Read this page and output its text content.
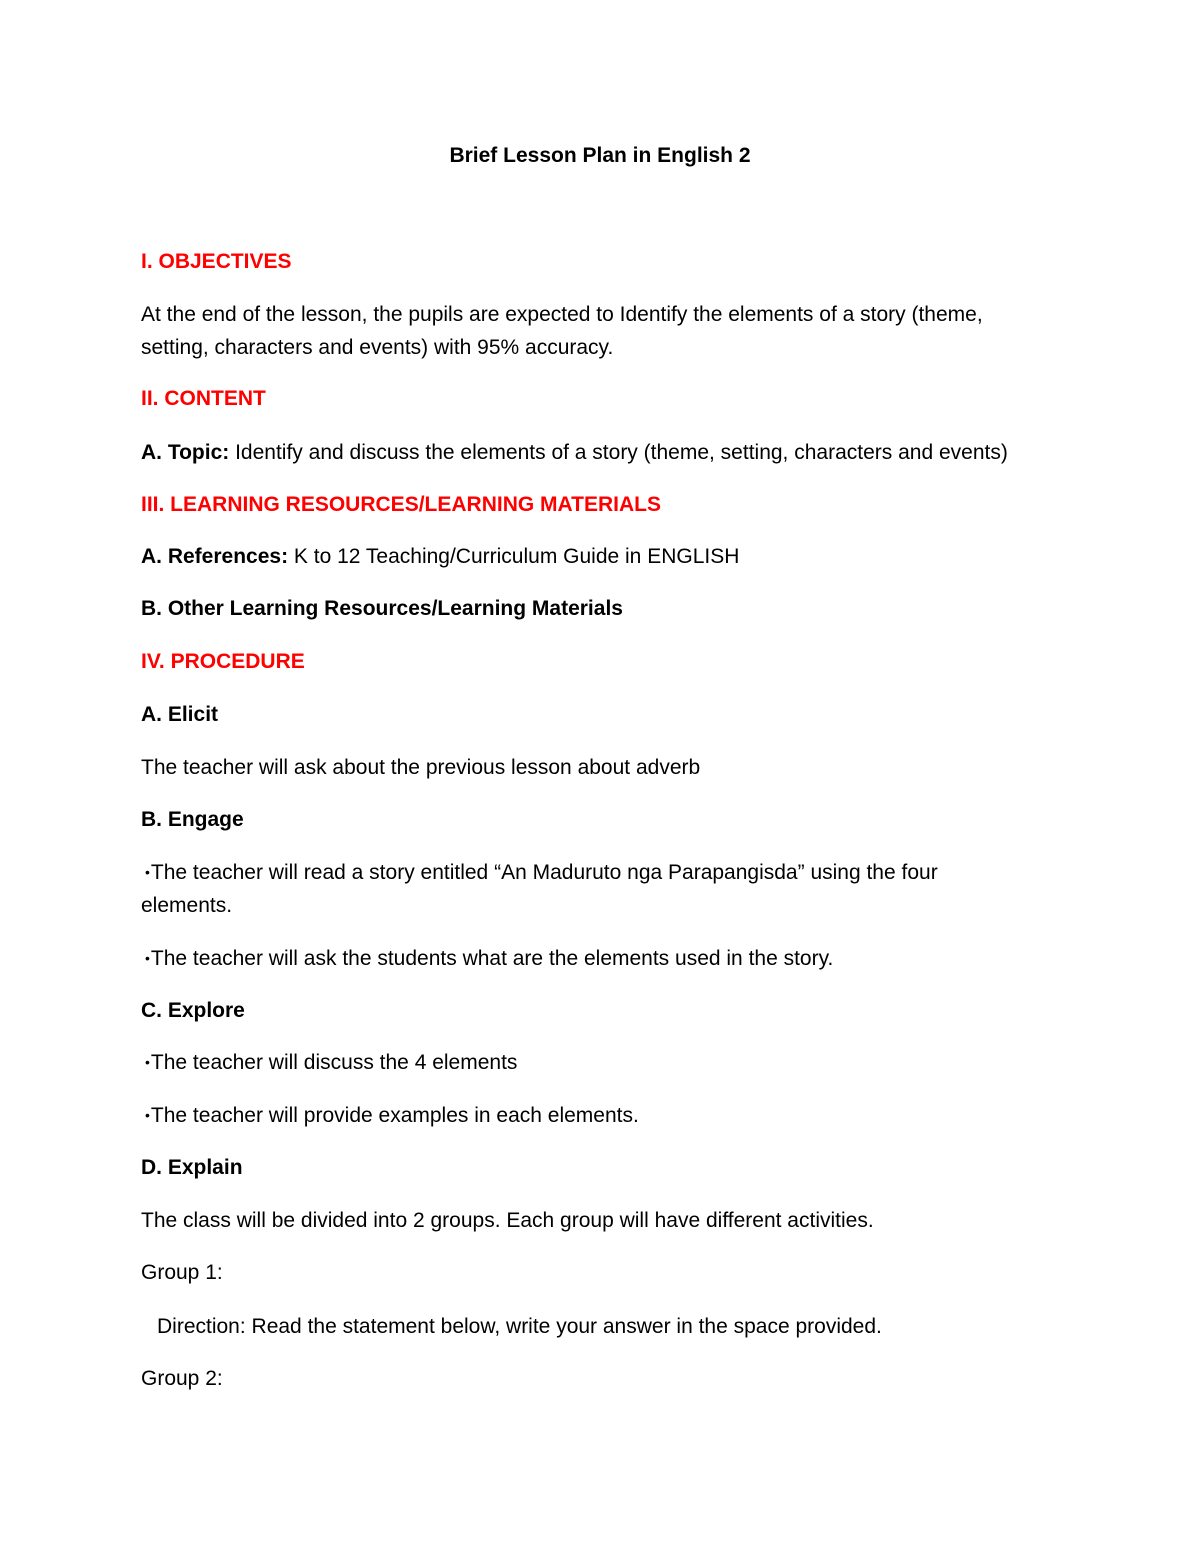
Brief Lesson Plan in English 2
I. OBJECTIVES
At the end of the lesson, the pupils are expected to Identify the elements of a story (theme,
setting, characters and events) with 95% accuracy.
II. CONTENT
A. Topic: Identify and discuss the elements of a story (theme, setting, characters and events)
III. LEARNING RESOURCES/LEARNING MATERIALS
A. References: K to 12 Teaching/Curriculum Guide in ENGLISH
B. Other Learning Resources/Learning Materials
IV. PROCEDURE
A. Elicit
The teacher will ask about the previous lesson about adverb
B. Engage
•The teacher will read a story entitled “An Maduruto nga Parapangisda” using the four
elements.
•The teacher will ask the students what are the elements used in the story.
C. Explore
•The teacher will discuss the 4 elements
•The teacher will provide examples in each elements.
D. Explain
The class will be divided into 2 groups. Each group will have different activities.
Group 1:
Direction: Read the statement below, write your answer in the space provided.
Group 2:
